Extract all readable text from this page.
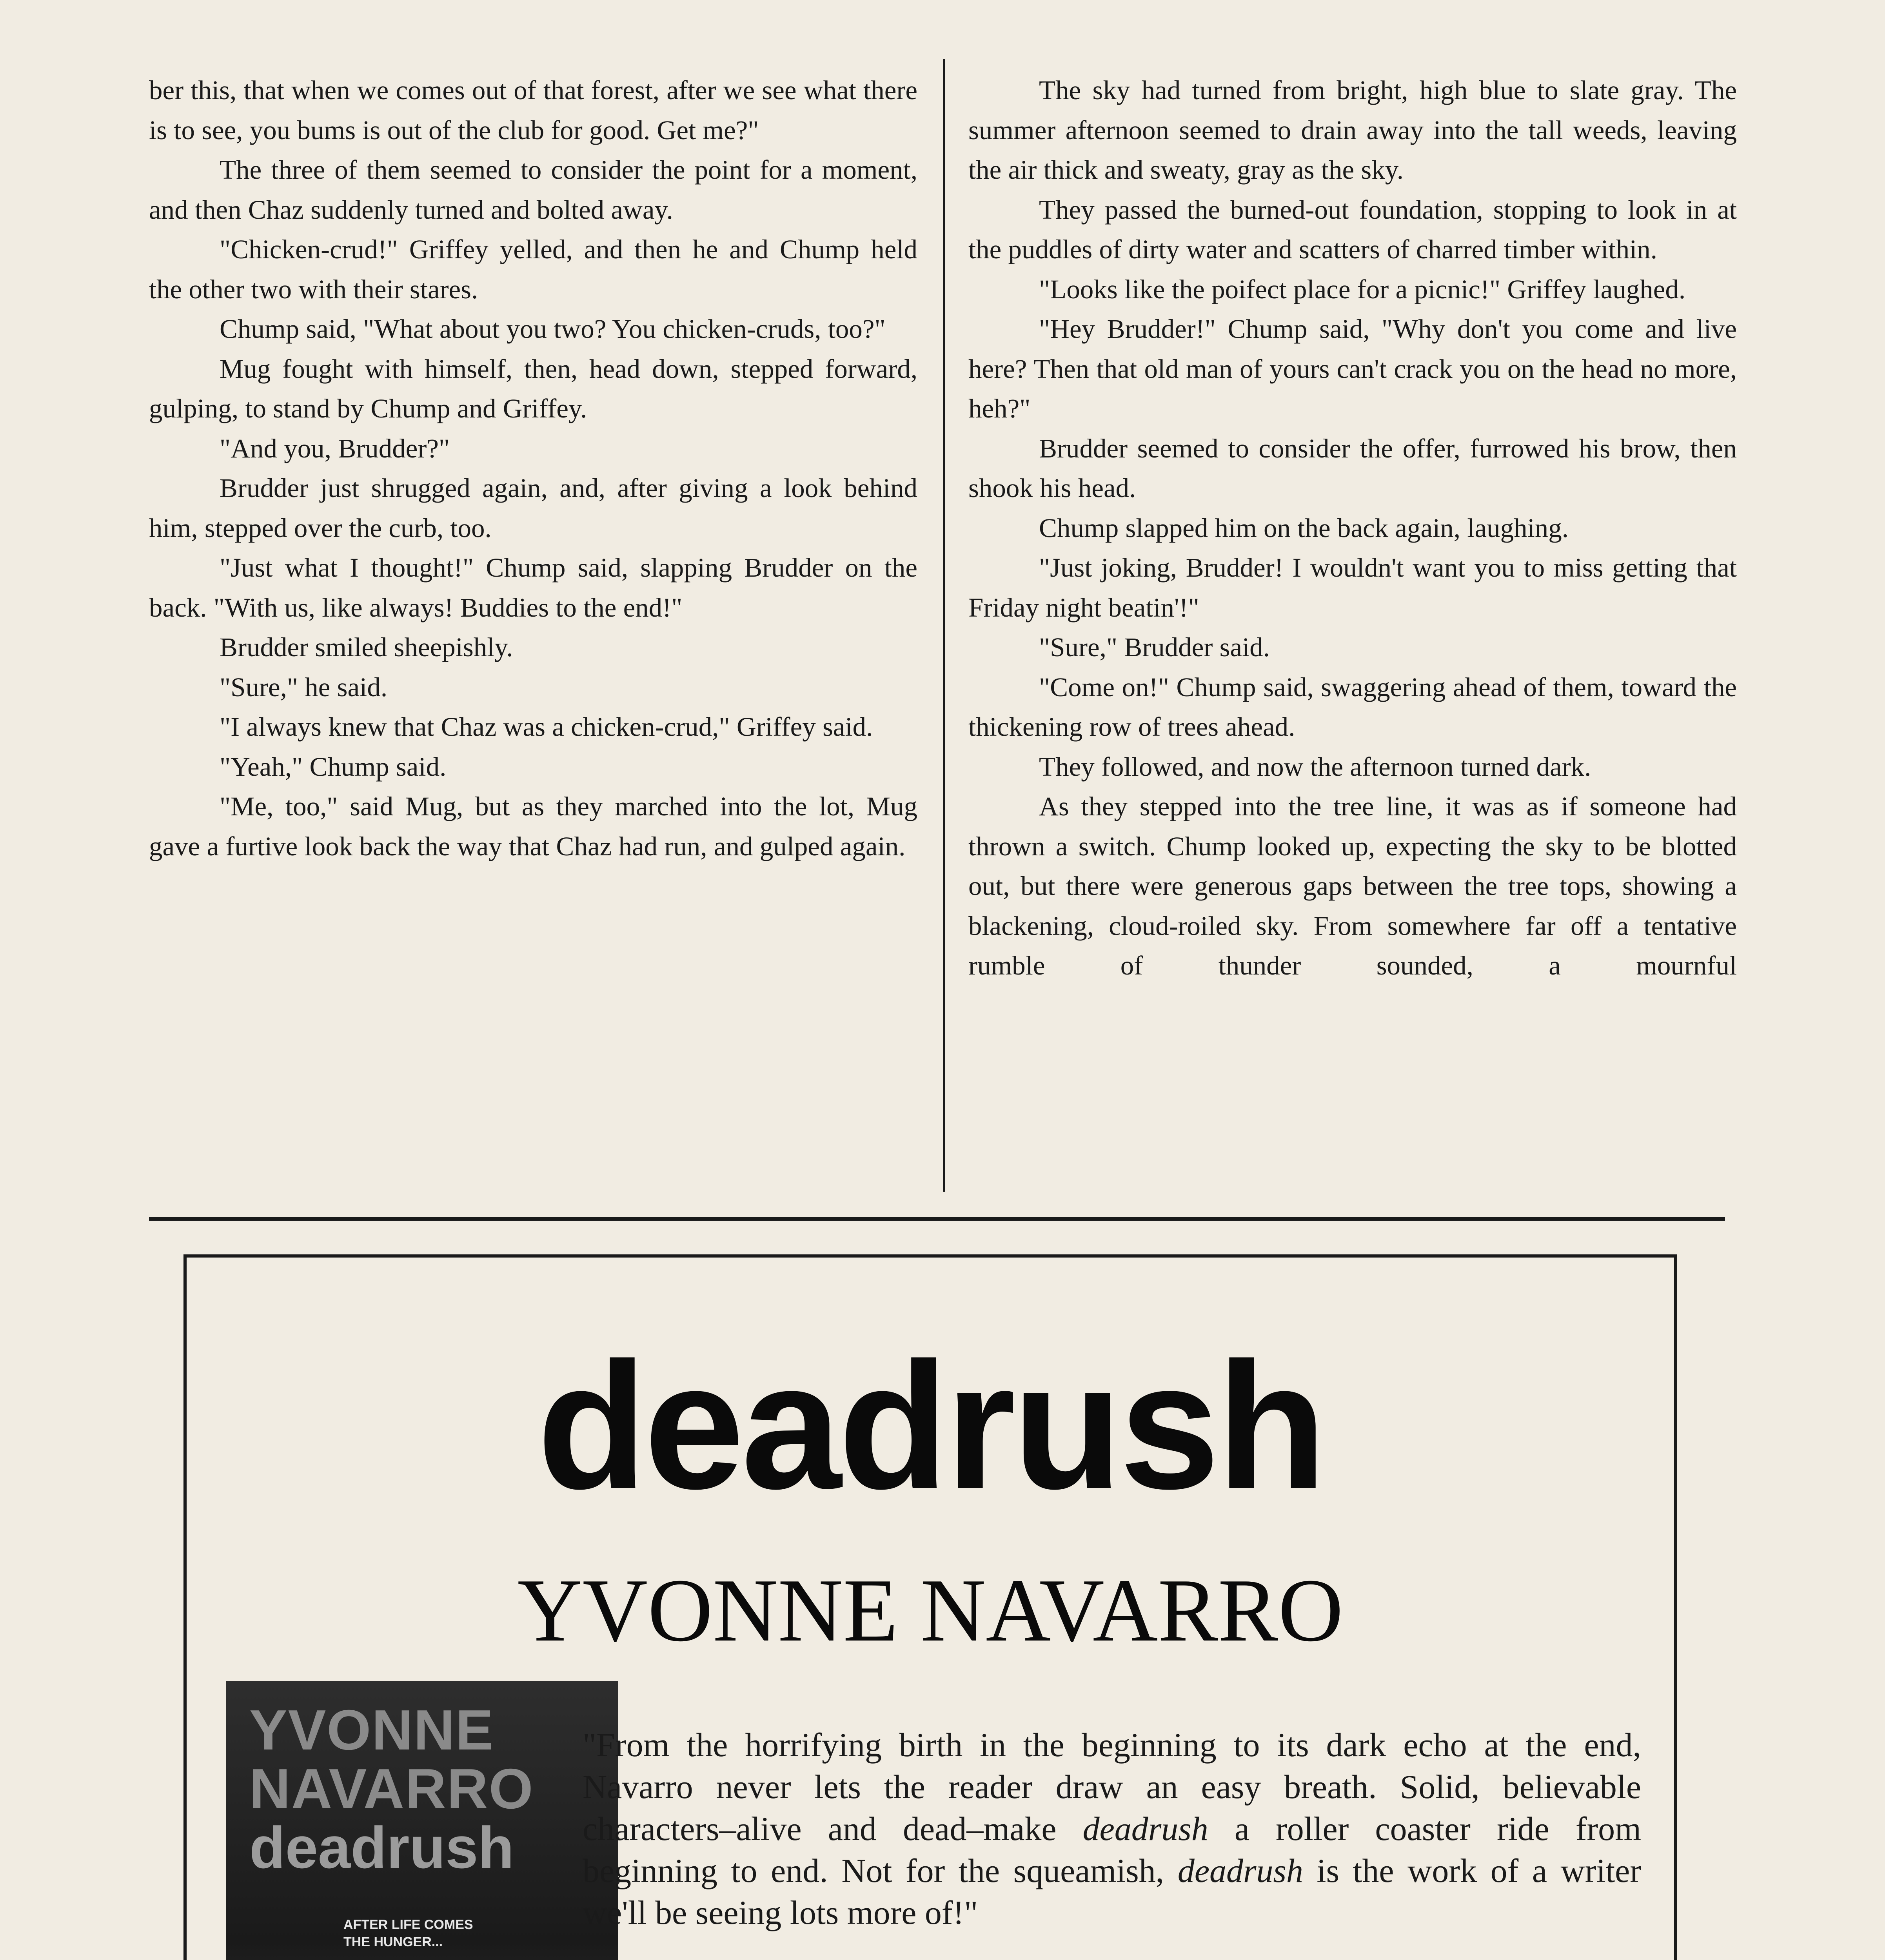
ber this, that when we comes out of that forest, after we see what there is to see, you bums is out of the club for good. Get me?"

The three of them seemed to consider the point for a moment, and then Chaz suddenly turned and bolted away.

"Chicken-crud!" Griffey yelled, and then he and Chump held the other two with their stares.

Chump said, "What about you two? You chicken-cruds, too?"

Mug fought with himself, then, head down, stepped forward, gulping, to stand by Chump and Griffey.

"And you, Brudder?"

Brudder just shrugged again, and, after giving a look behind him, stepped over the curb, too.

"Just what I thought!" Chump said, slapping Brudder on the back. "With us, like always! Buddies to the end!"

Brudder smiled sheepishly.

"Sure," he said.

"I always knew that Chaz was a chicken-crud," Griffey said.

"Yeah," Chump said.

"Me, too," said Mug, but as they marched into the lot, Mug gave a furtive look back the way that Chaz had run, and gulped again.

The sky had turned from bright, high blue to slate gray. The summer afternoon seemed to drain away into the tall weeds, leaving the air thick and sweaty, gray as the sky.

They passed the burned-out foundation, stopping to look in at the puddles of dirty water and scatters of charred timber within.

"Looks like the poifect place for a picnic!" Griffey laughed.

"Hey Brudder!" Chump said, "Why don't you come and live here? Then that old man of yours can't crack you on the head no more, heh?"

Brudder seemed to consider the offer, furrowed his brow, then shook his head.

Chump slapped him on the back again, laughing.

"Just joking, Brudder! I wouldn't want you to miss getting that Friday night beatin'!"

"Sure," Brudder said.

"Come on!" Chump said, swaggering ahead of them, toward the thickening row of trees ahead.

They followed, and now the afternoon turned dark.

As they stepped into the tree line, it was as if someone had thrown a switch. Chump looked up, expecting the sky to be blotted out, but there were generous gaps between the tree tops, showing a blackening, cloud-roiled sky. From somewhere far off a tentative rumble of thunder sounded, a mournful

deadrush
YVONNE NAVARRO
YVONNE
NAVARRO
deadrush
AFTER LIFE COMES
THE HUNGER...
"From the horrifying birth in the beginning to its dark echo at the end, Navarro never lets the reader draw an easy breath. Solid, believable characters–alive and dead–make deadrush a roller coaster ride from beginning to end. Not for the squeamish, deadrush is the work of a writer we'll be seeing lots more of!"
